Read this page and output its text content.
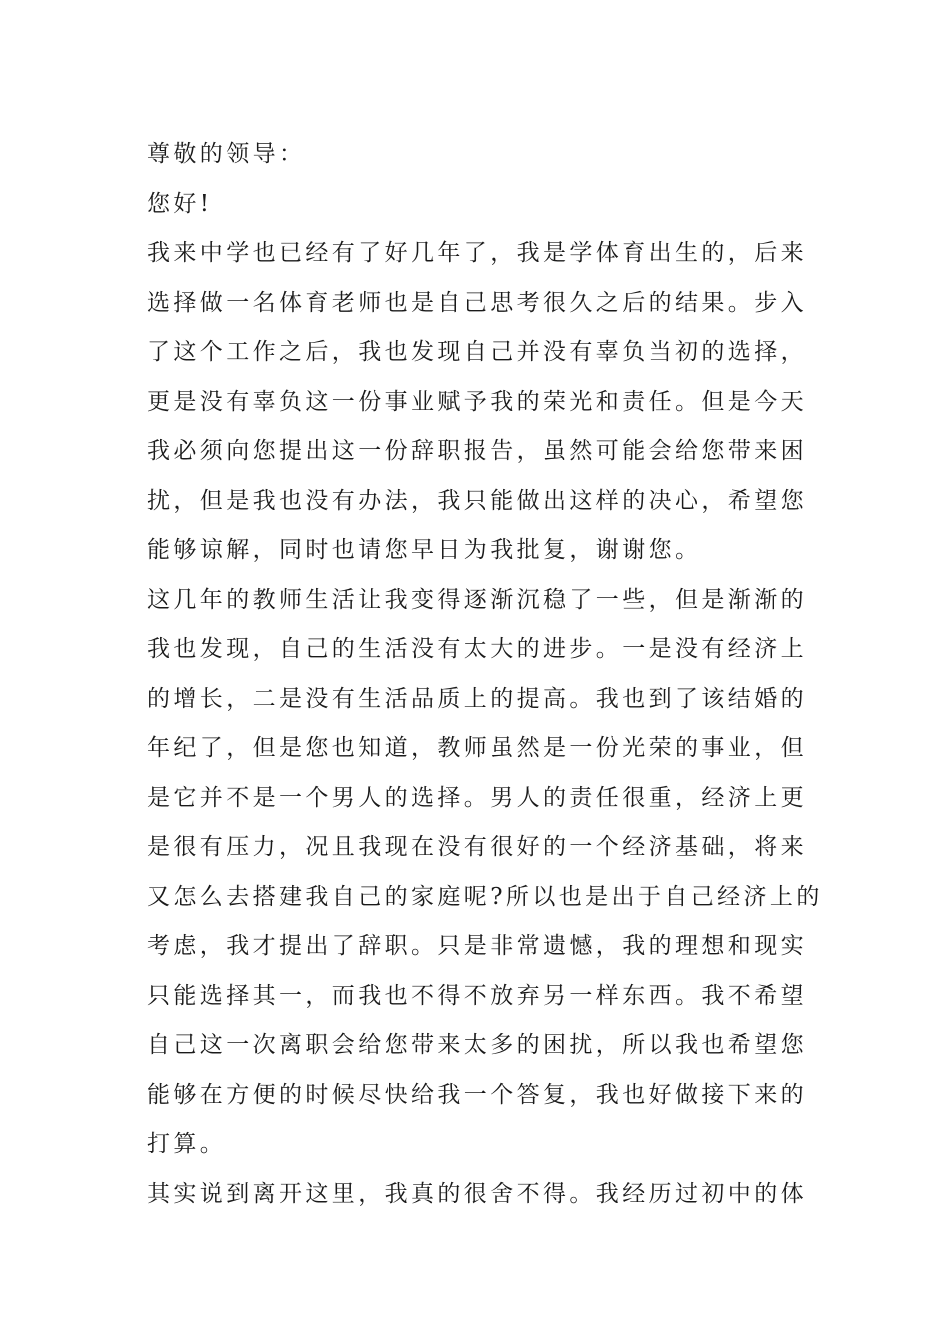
尊敬的领导：
您好!
我来中学也已经有了好几年了，我是学体育出生的，后来
选择做一名体育老师也是自己思考很久之后的结果。步入
了这个工作之后，我也发现自己并没有辜负当初的选择，
更是没有辜负这一份事业赋予我的荣光和责任。但是今天
我必须向您提出这一份辞职报告，虽然可能会给您带来困
扰，但是我也没有办法，我只能做出这样的决心，希望您
能够谅解，同时也请您早日为我批复，谢谢您。
这几年的教师生活让我变得逐渐沉稳了一些，但是渐渐的
我也发现，自己的生活没有太大的进步。一是没有经济上
的增长，二是没有生活品质上的提高。我也到了该结婚的
年纪了，但是您也知道，教师虽然是一份光荣的事业，但
是它并不是一个男人的选择。男人的责任很重，经济上更
是很有压力，况且我现在没有很好的一个经济基础，将来
又怎么去搭建我自己的家庭呢?所以也是出于自己经济上的
考虑，我才提出了辞职。只是非常遗憾，我的理想和现实
只能选择其一，而我也不得不放弃另一样东西。我不希望
自己这一次离职会给您带来太多的困扰，所以我也希望您
能够在方便的时候尽快给我一个答复，我也好做接下来的
打算。
其实说到离开这里，我真的很舍不得。我经历过初中的体
